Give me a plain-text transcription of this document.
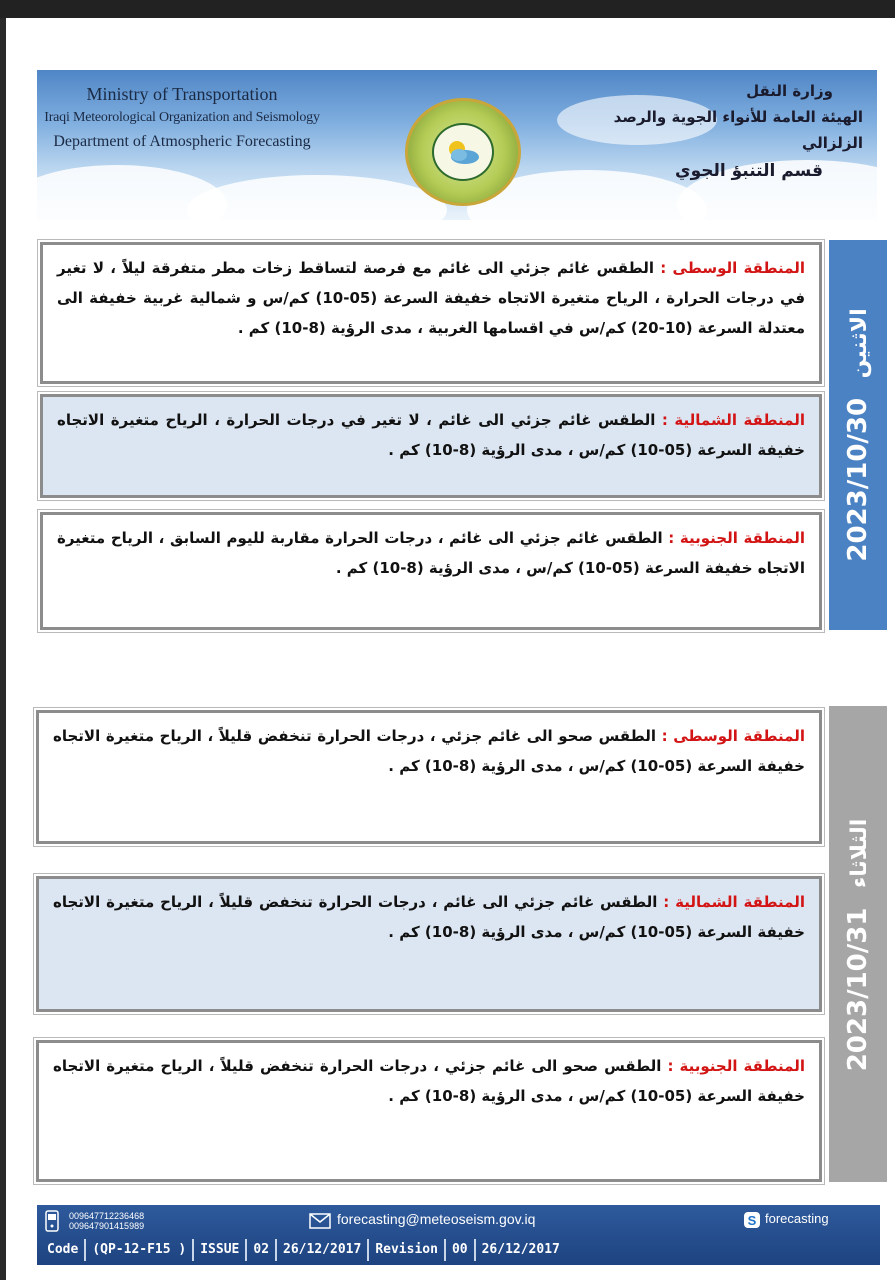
Ministry of Transportation
Iraqi Meteorological Organization and Seismology
Department of Atmospheric Forecasting
وزارة النقل
الهيئة العامة للأنواء الجوية والرصد الزلزالي
قسم التنبؤ الجوي
الاثنين 2023/10/30
المنطقة الوسطى : الطقس غائم جزئي الى غائم مع فرصة لتساقط زخات مطر متفرقة ليلاً ، لا تغير في درجات الحرارة ، الرياح متغيرة الاتجاه خفيفة السرعة (05-10) كم/س و شمالية غربية خفيفة الى معتدلة السرعة (10-20) كم/س في اقسامها الغربية ، مدى الرؤية (8-10) كم .
المنطقة الشمالية : الطقس غائم جزئي الى غائم ، لا تغير في درجات الحرارة ، الرياح متغيرة الاتجاه خفيفة السرعة (05-10) كم/س ، مدى الرؤية (8-10) كم .
المنطقة الجنوبية : الطقس غائم جزئي الى غائم ، درجات الحرارة مقاربة لليوم السابق ، الرياح متغيرة الاتجاه خفيفة السرعة (05-10) كم/س ، مدى الرؤية (8-10) كم .
الثلاثاء 2023/10/31
المنطقة الوسطى : الطقس صحو الى غائم جزئي ، درجات الحرارة تنخفض قليلاً ، الرياح متغيرة الاتجاه خفيفة السرعة (05-10) كم/س ، مدى الرؤية (8-10) كم .
المنطقة الشمالية : الطقس غائم جزئي الى غائم ، درجات الحرارة تنخفض قليلاً ، الرياح متغيرة الاتجاه خفيفة السرعة (05-10) كم/س ، مدى الرؤية (8-10) كم .
المنطقة الجنوبية : الطقس صحو الى غائم جزئي ، درجات الحرارة تنخفض قليلاً ، الرياح متغيرة الاتجاه خفيفة السرعة (05-10) كم/س ، مدى الرؤية (8-10) كم .
009647712236468
009647901415989	forecasting@meteoseism.gov.iq	S forecasting
Code	(QP-12-F15 )	ISSUE	02	26/12/2017	Revision	00	26/12/2017
